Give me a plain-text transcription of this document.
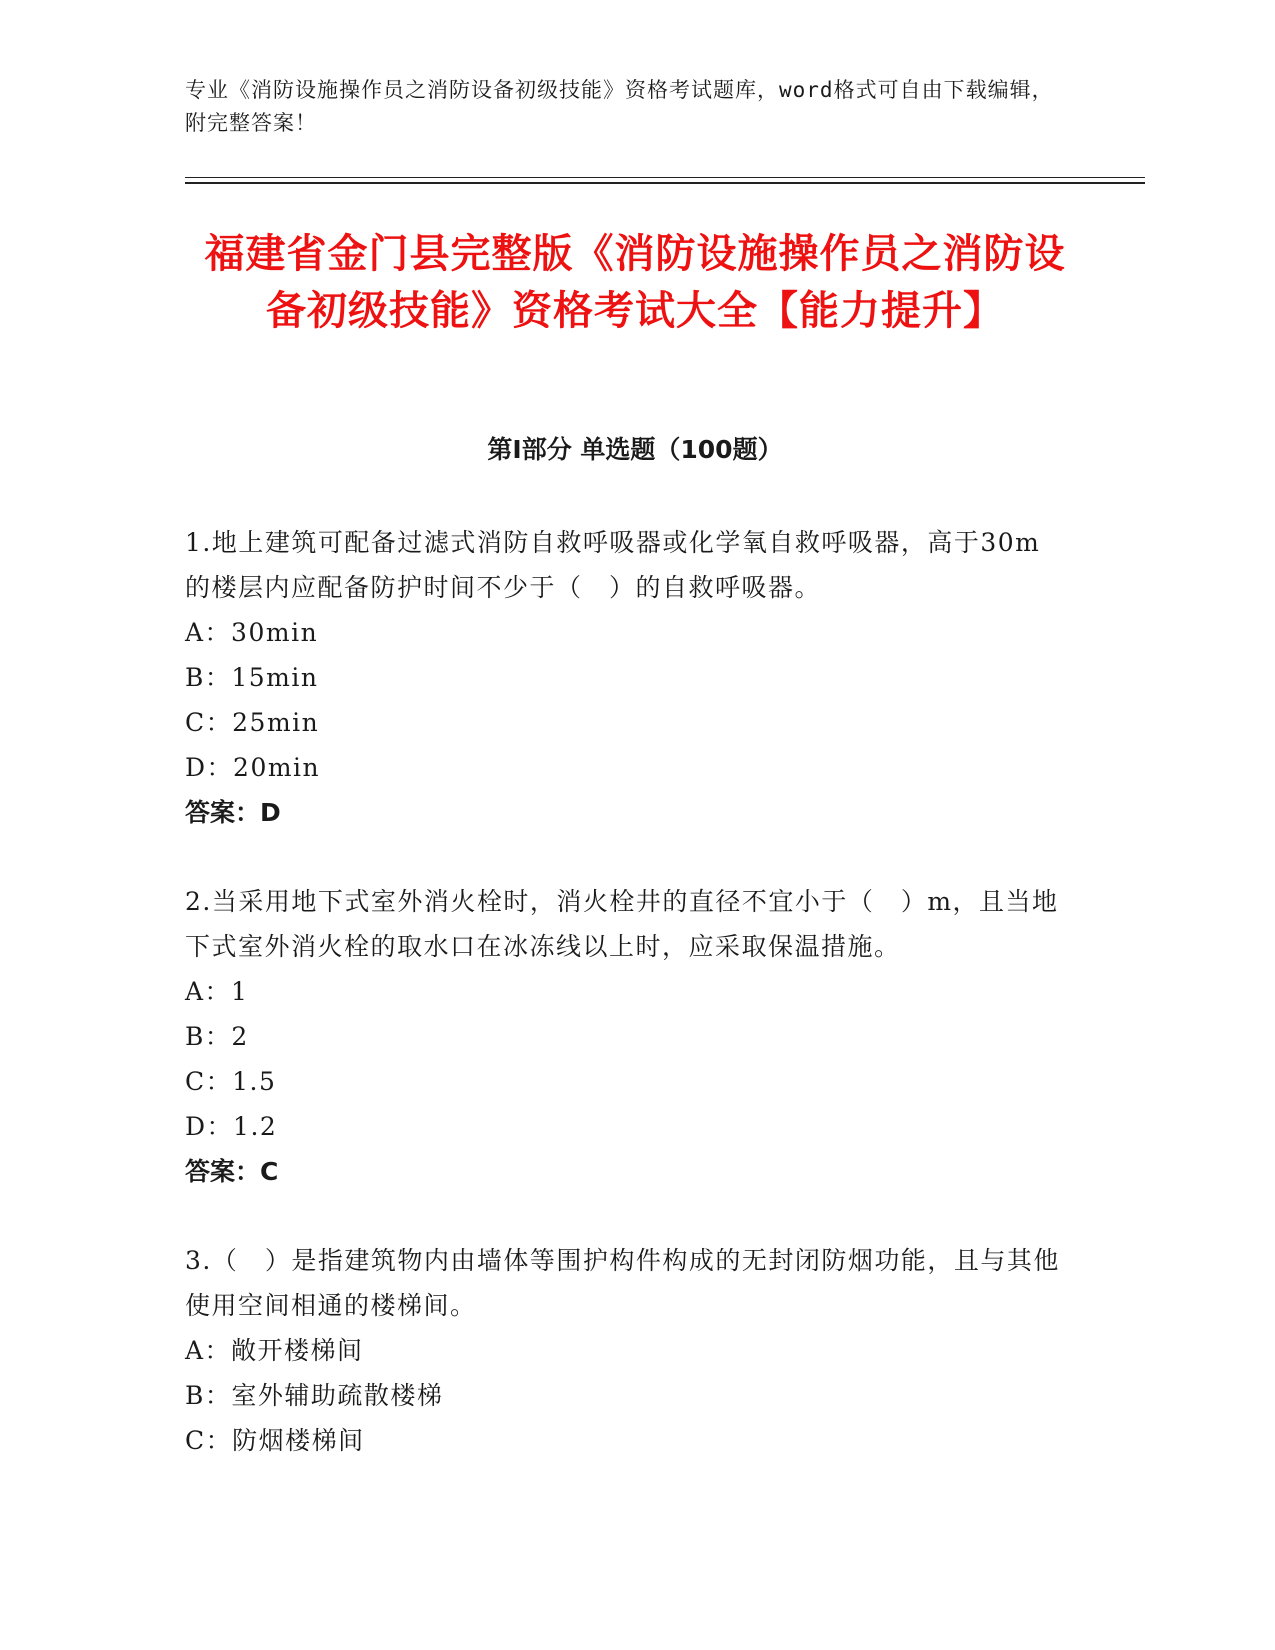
专业《消防设施操作员之消防设备初级技能》资格考试题库，word格式可自由下载编辑，附完整答案！
福建省金门县完整版《消防设施操作员之消防设备初级技能》资格考试大全【能力提升】
第Ⅰ部分 单选题（100题）

1.地上建筑可配备过滤式消防自救呼吸器或化学氧自救呼吸器，高于30m的楼层内应配备防护时间不少于（　）的自救呼吸器。

A：30min

B：15min

C：25min

D：20min

答案：D

2.当采用地下式室外消火栓时，消火栓井的直径不宜小于（　）m，且当地下式室外消火栓的取水口在冰冻线以上时，应采取保温措施。

A：1

B：2

C：1.5

D：1.2

答案：C

3.（　）是指建筑物内由墙体等围护构件构成的无封闭防烟功能，且与其他使用空间相通的楼梯间。

A：敞开楼梯间

B：室外辅助疏散楼梯

C：防烟楼梯间
